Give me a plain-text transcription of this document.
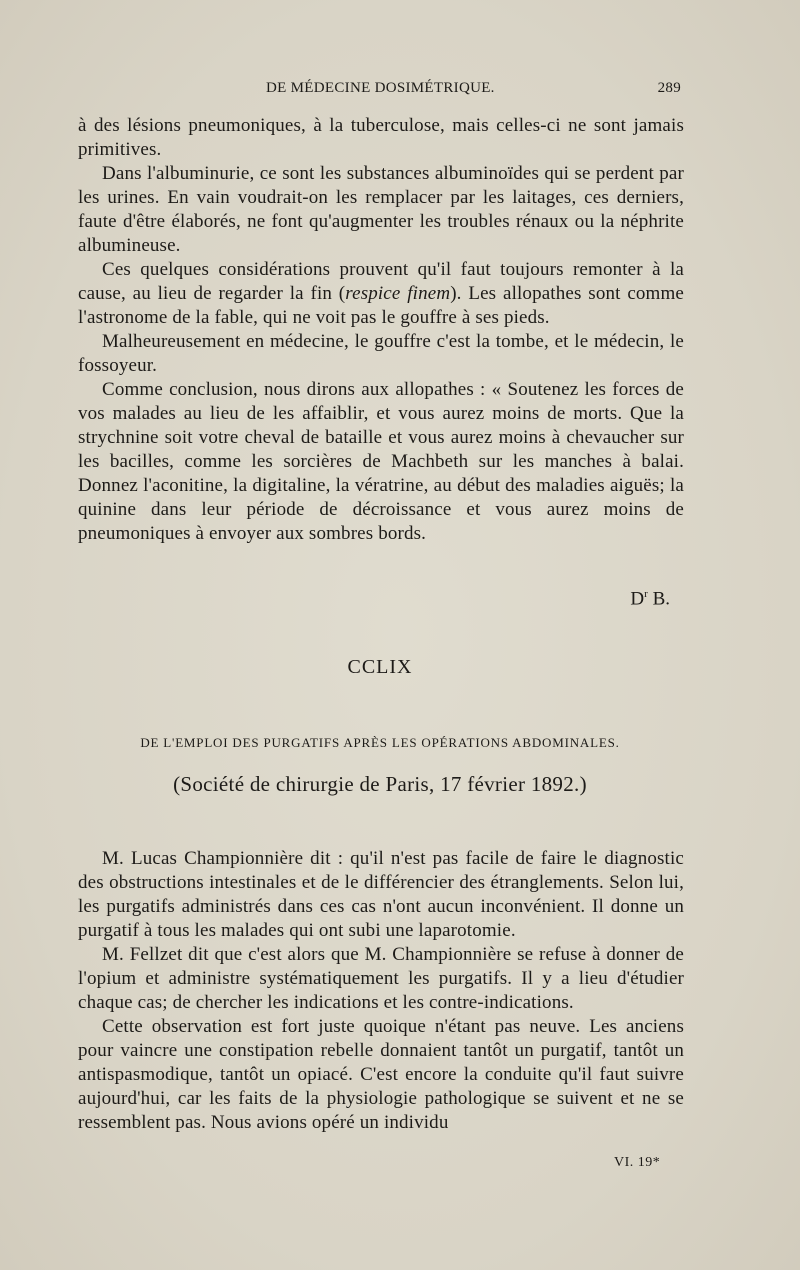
DE MÉDECINE DOSIMÉTRIQUE.	289

à des lésions pneumoniques, à la tuberculose, mais celles-ci ne sont jamais primitives.

Dans l'albuminurie, ce sont les substances albuminoïdes qui se perdent par les urines. En vain voudrait-on les remplacer par les laitages, ces derniers, faute d'être élaborés, ne font qu'augmenter les troubles rénaux ou la néphrite albumineuse.

Ces quelques considérations prouvent qu'il faut toujours remonter à la cause, au lieu de regarder la fin (respice finem). Les allopathes sont comme l'astronome de la fable, qui ne voit pas le gouffre à ses pieds.

Malheureusement en médecine, le gouffre c'est la tombe, et le médecin, le fossoyeur.

Comme conclusion, nous dirons aux allopathes : « Soutenez les forces de vos malades au lieu de les affaiblir, et vous aurez moins de morts. Que la strychnine soit votre cheval de bataille et vous aurez moins à chevaucher sur les bacilles, comme les sorcières de Machbeth sur les manches à balai. Donnez l'aconitine, la digitaline, la vératrine, au début des maladies aiguës; la quinine dans leur période de décroissance et vous aurez moins de pneumoniques à envoyer aux sombres bords.

$D^r$ B.
CCLIX
DE L'EMPLOI DES PURGATIFS APRÈS LES OPÉRATIONS ABDOMINALES.
(Société de chirurgie de Paris, 17 février 1892.)

M. Lucas Championnière dit : qu'il n'est pas facile de faire le diagnostic des obstructions intestinales et de le différencier des étranglements. Selon lui, les purgatifs administrés dans ces cas n'ont aucun inconvénient. Il donne un purgatif à tous les malades qui ont subi une laparotomie.

M. Fellzet dit que c'est alors que M. Championnière se refuse à donner de l'opium et administre systématiquement les purgatifs. Il y a lieu d'étudier chaque cas; de chercher les indications et les contre-indications.

Cette observation est fort juste quoique n'étant pas neuve. Les anciens pour vaincre une constipation rebelle donnaient tantôt un purgatif, tantôt un antispasmodique, tantôt un opiacé. C'est encore la conduite qu'il faut suivre aujourd'hui, car les faits de la physiologie pathologique se suivent et ne se ressemblent pas. Nous avions opéré un individu

VI. 19*
